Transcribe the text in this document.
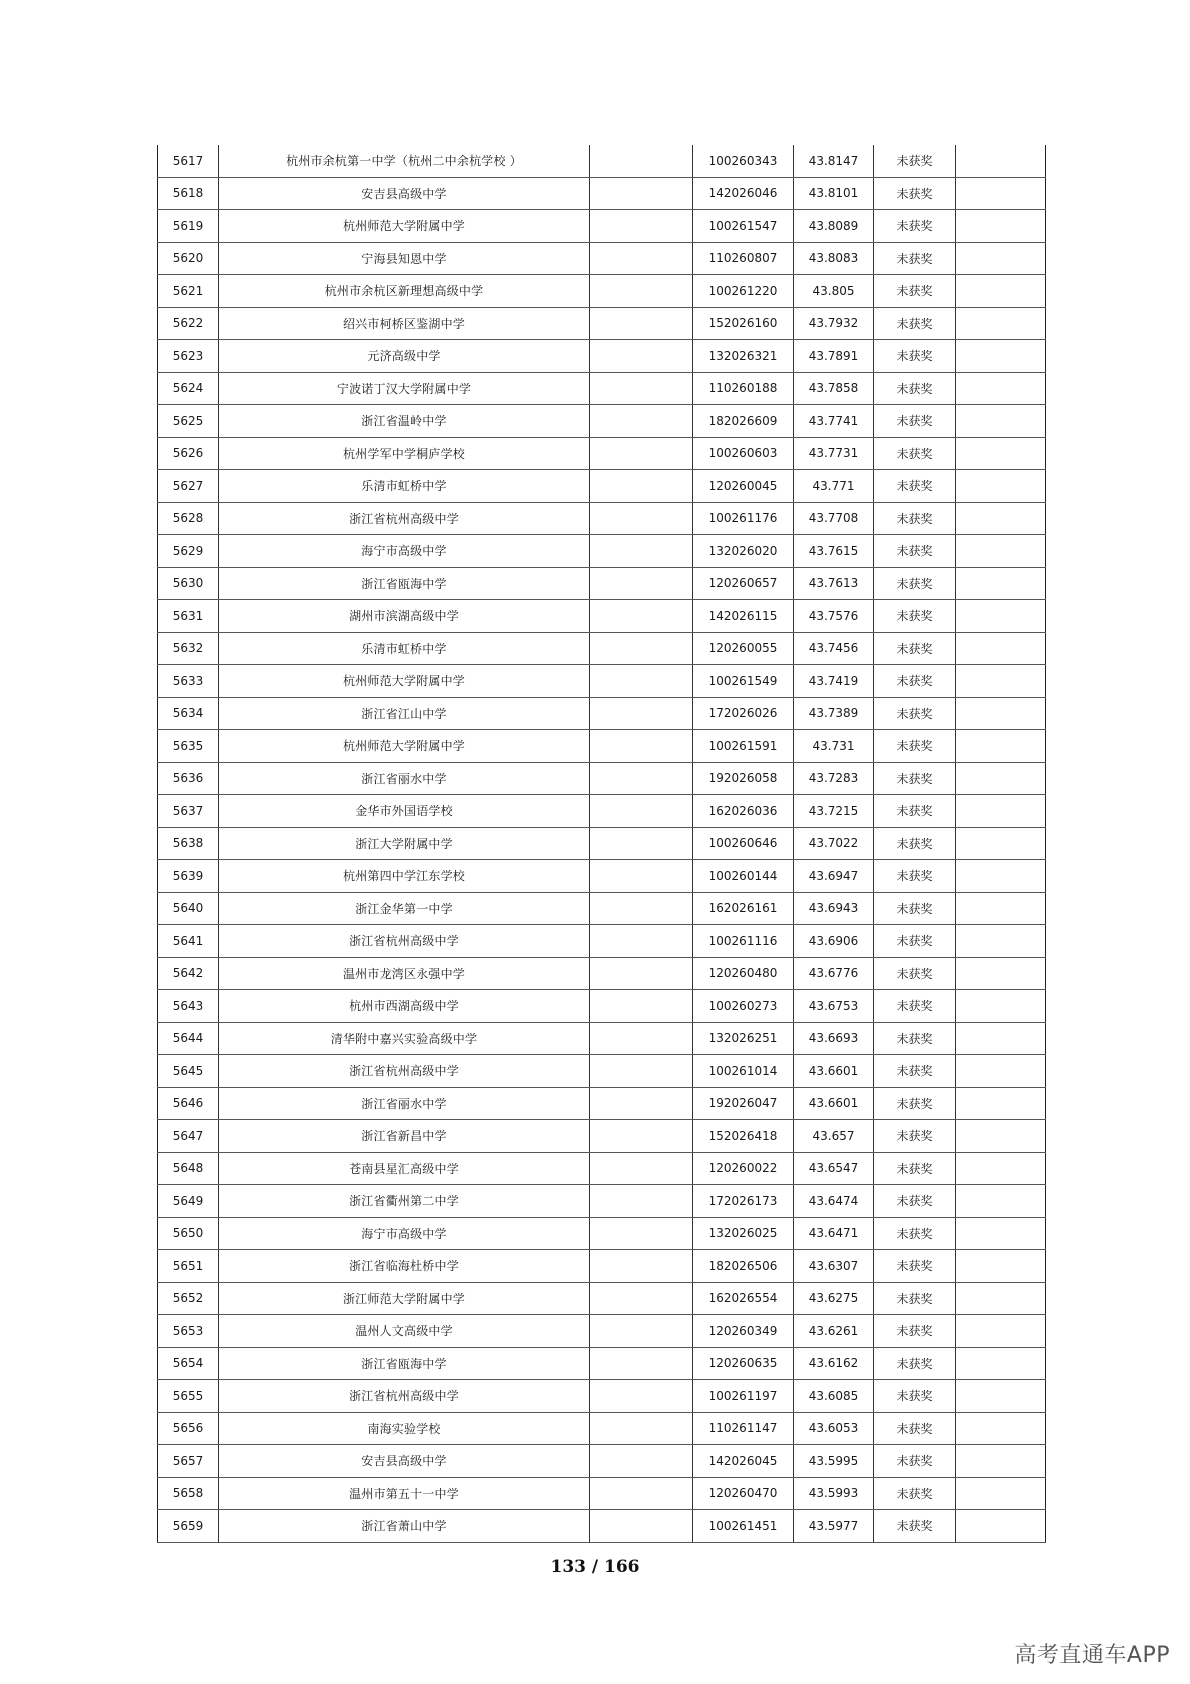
5617	杭州市余杭第一中学（杭州二中余杭学校 ）		100260343	43.8147	未获奖	
5618	安吉县高级中学		142026046	43.8101	未获奖	
5619	杭州师范大学附属中学		100261547	43.8089	未获奖	
5620	宁海县知恩中学		110260807	43.8083	未获奖	
5621	杭州市余杭区新理想高级中学		100261220	43.805	未获奖	
5622	绍兴市柯桥区鉴湖中学		152026160	43.7932	未获奖	
5623	元济高级中学		132026321	43.7891	未获奖	
5624	宁波诺丁汉大学附属中学		110260188	43.7858	未获奖	
5625	浙江省温岭中学		182026609	43.7741	未获奖	
5626	杭州学军中学桐庐学校		100260603	43.7731	未获奖	
5627	乐清市虹桥中学		120260045	43.771	未获奖	
5628	浙江省杭州高级中学		100261176	43.7708	未获奖	
5629	海宁市高级中学		132026020	43.7615	未获奖	
5630	浙江省瓯海中学		120260657	43.7613	未获奖	
5631	湖州市滨湖高级中学		142026115	43.7576	未获奖	
5632	乐清市虹桥中学		120260055	43.7456	未获奖	
5633	杭州师范大学附属中学		100261549	43.7419	未获奖	
5634	浙江省江山中学		172026026	43.7389	未获奖	
5635	杭州师范大学附属中学		100261591	43.731	未获奖	
5636	浙江省丽水中学		192026058	43.7283	未获奖	
5637	金华市外国语学校		162026036	43.7215	未获奖	
5638	浙江大学附属中学		100260646	43.7022	未获奖	
5639	杭州第四中学江东学校		100260144	43.6947	未获奖	
5640	浙江金华第一中学		162026161	43.6943	未获奖	
5641	浙江省杭州高级中学		100261116	43.6906	未获奖	
5642	温州市龙湾区永强中学		120260480	43.6776	未获奖	
5643	杭州市西湖高级中学		100260273	43.6753	未获奖	
5644	清华附中嘉兴实验高级中学		132026251	43.6693	未获奖	
5645	浙江省杭州高级中学		100261014	43.6601	未获奖	
5646	浙江省丽水中学		192026047	43.6601	未获奖	
5647	浙江省新昌中学		152026418	43.657	未获奖	
5648	苍南县星汇高级中学		120260022	43.6547	未获奖	
5649	浙江省衢州第二中学		172026173	43.6474	未获奖	
5650	海宁市高级中学		132026025	43.6471	未获奖	
5651	浙江省临海杜桥中学		182026506	43.6307	未获奖	
5652	浙江师范大学附属中学		162026554	43.6275	未获奖	
5653	温州人文高级中学		120260349	43.6261	未获奖	
5654	浙江省瓯海中学		120260635	43.6162	未获奖	
5655	浙江省杭州高级中学		100261197	43.6085	未获奖	
5656	南海实验学校		110261147	43.6053	未获奖	
5657	安吉县高级中学		142026045	43.5995	未获奖	
5658	温州市第五十一中学		120260470	43.5993	未获奖	
5659	浙江省萧山中学		100261451	43.5977	未获奖	
133 / 166
高考直通车APP
